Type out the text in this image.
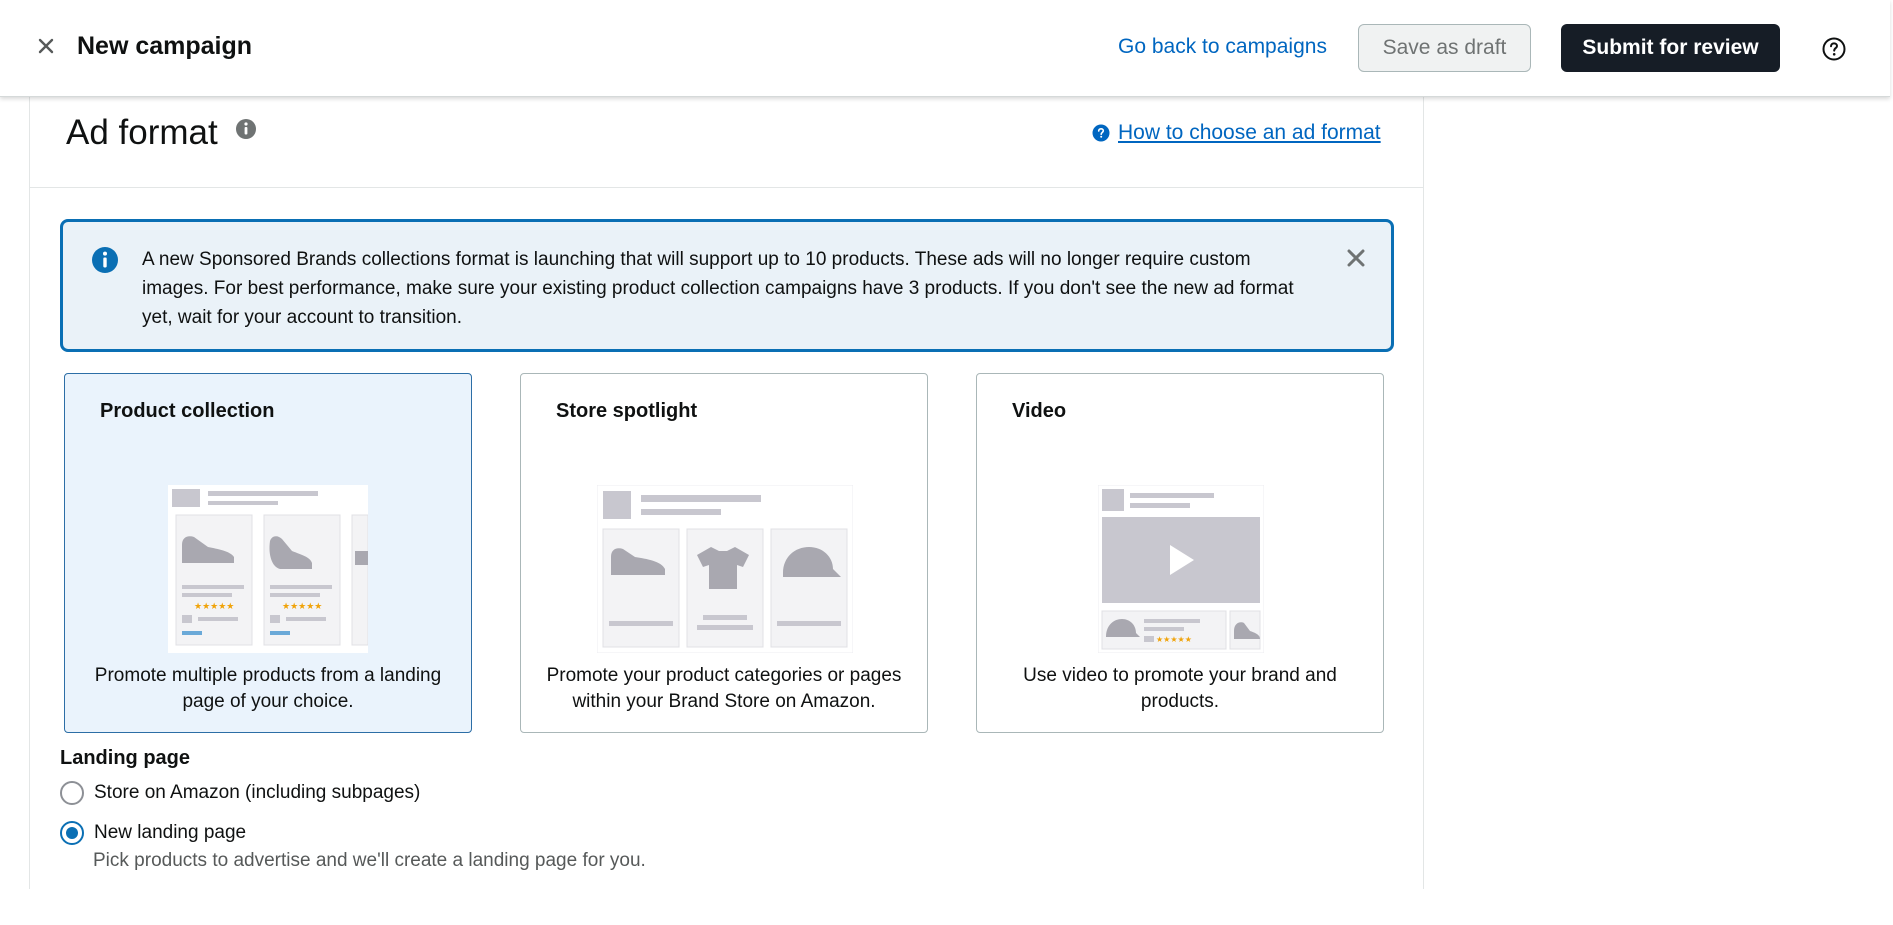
New campaign	Go back to campaigns	Save as draft	Submit for review
Ad format	How to choose an ad format
A new Sponsored Brands collections format is launching that will support up to 10 products. These ads will no longer require custom images. For best performance, make sure your existing product collection campaigns have 3 products. If you don't see the new ad format yet, wait for your account to transition.
Product collection
★★★★★	★★★★★
Promote multiple products from a landing page of your choice.
Store spotlight
Promote your product categories or pages within your Brand Store on Amazon.
Video
★★★★★
Use video to promote your brand and products.
Landing page
Store on Amazon (including subpages)
New landing page
Pick products to advertise and we'll create a landing page for you.
